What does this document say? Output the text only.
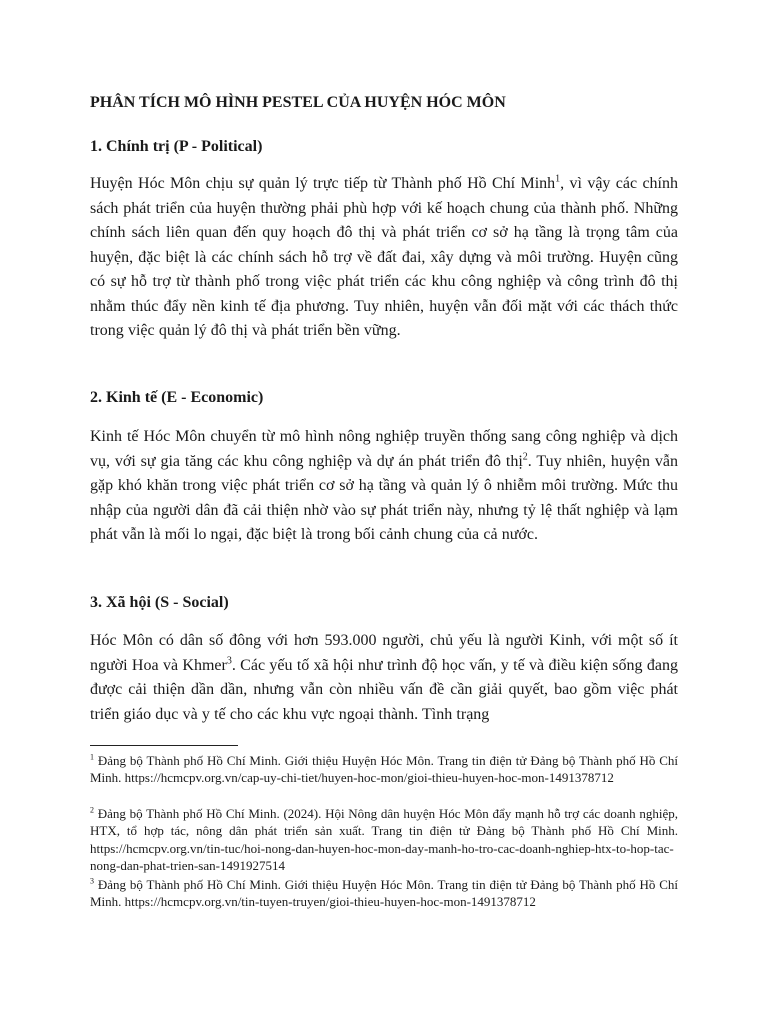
PHÂN TÍCH MÔ HÌNH PESTEL CỦA HUYỆN HÓC MÔN
1. Chính trị (P - Political)
Huyện Hóc Môn chịu sự quản lý trực tiếp từ Thành phố Hồ Chí Minh$^1$, vì vậy các chính sách phát triển của huyện thường phải phù hợp với kế hoạch chung của thành phố. Những chính sách liên quan đến quy hoạch đô thị và phát triển cơ sở hạ tầng là trọng tâm của huyện, đặc biệt là các chính sách hỗ trợ về đất đai, xây dựng và môi trường. Huyện cũng có sự hỗ trợ từ thành phố trong việc phát triển các khu công nghiệp và công trình đô thị nhằm thúc đẩy nền kinh tế địa phương. Tuy nhiên, huyện vẫn đối mặt với các thách thức trong việc quản lý đô thị và phát triển bền vững.
2. Kinh tế (E - Economic)
Kinh tế Hóc Môn chuyển từ mô hình nông nghiệp truyền thống sang công nghiệp và dịch vụ, với sự gia tăng các khu công nghiệp và dự án phát triển đô thị$^2$. Tuy nhiên, huyện vẫn gặp khó khăn trong việc phát triển cơ sở hạ tầng và quản lý ô nhiễm môi trường. Mức thu nhập của người dân đã cải thiện nhờ vào sự phát triển này, nhưng tỷ lệ thất nghiệp và lạm phát vẫn là mối lo ngại, đặc biệt là trong bối cảnh chung của cả nước.
3. Xã hội (S - Social)
Hóc Môn có dân số đông với hơn 593.000 người, chủ yếu là người Kinh, với một số ít người Hoa và Khmer$^3$. Các yếu tố xã hội như trình độ học vấn, y tế và điều kiện sống đang được cải thiện dần dần, nhưng vẫn còn nhiều vấn đề cần giải quyết, bao gồm việc phát triển giáo dục và y tế cho các khu vực ngoại thành. Tình trạng
$^1$ Đảng bộ Thành phố Hồ Chí Minh. Giới thiệu Huyện Hóc Môn. Trang tin điện tử Đảng bộ Thành phố Hồ Chí Minh. https://hcmcpv.org.vn/cap-uy-chi-tiet/huyen-hoc-mon/gioi-thieu-huyen-hoc-mon-1491378712
$^2$ Đảng bộ Thành phố Hồ Chí Minh. (2024). Hội Nông dân huyện Hóc Môn đẩy mạnh hỗ trợ các doanh nghiệp, HTX, tổ hợp tác, nông dân phát triển sản xuất. Trang tin điện tử Đảng bộ Thành phố Hồ Chí Minh. https://hcmcpv.org.vn/tin-tuc/hoi-nong-dan-huyen-hoc-mon-day-manh-ho-tro-cac-doanh-nghiep-htx-to-hop-tac-nong-dan-phat-trien-san-1491927514
$^3$ Đảng bộ Thành phố Hồ Chí Minh. Giới thiệu Huyện Hóc Môn. Trang tin điện tử Đảng bộ Thành phố Hồ Chí Minh. https://hcmcpv.org.vn/tin-tuyen-truyen/gioi-thieu-huyen-hoc-mon-1491378712
